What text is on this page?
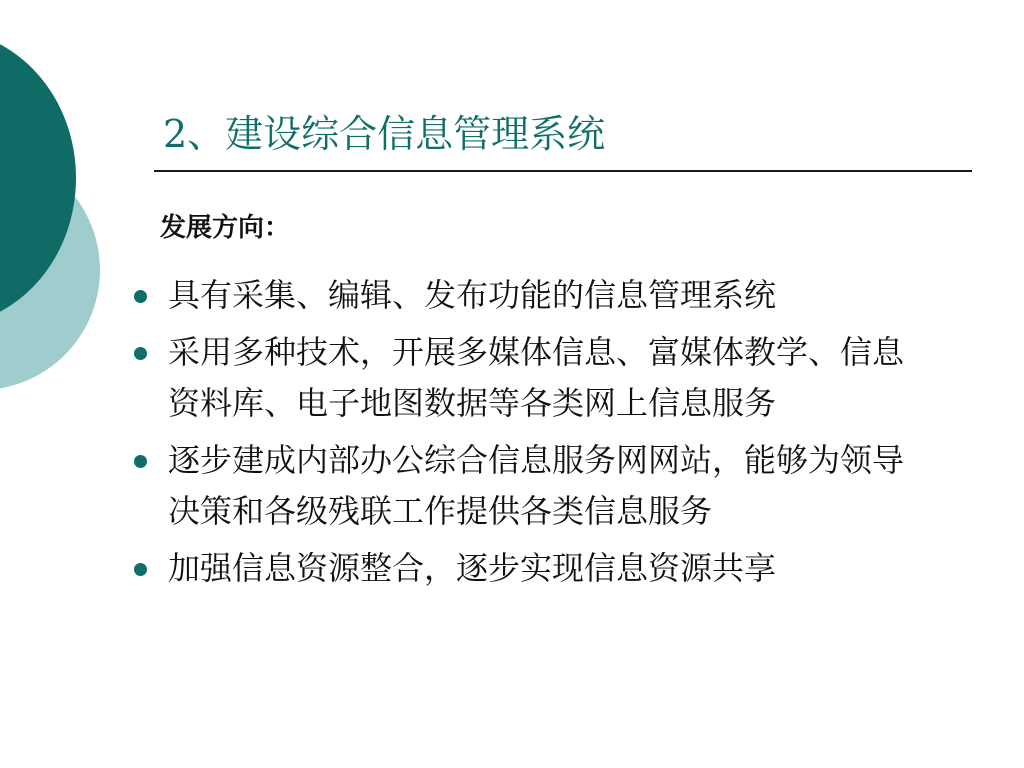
2、建设综合信息管理系统
发展方向：
具有采集、编辑、发布功能的信息管理系统
采用多种技术，开展多媒体信息、富媒体教学、信息资料库、电子地图数据等各类网上信息服务
逐步建成内部办公综合信息服务网网站，能够为领导决策和各级残联工作提供各类信息服务
加强信息资源整合，逐步实现信息资源共享
